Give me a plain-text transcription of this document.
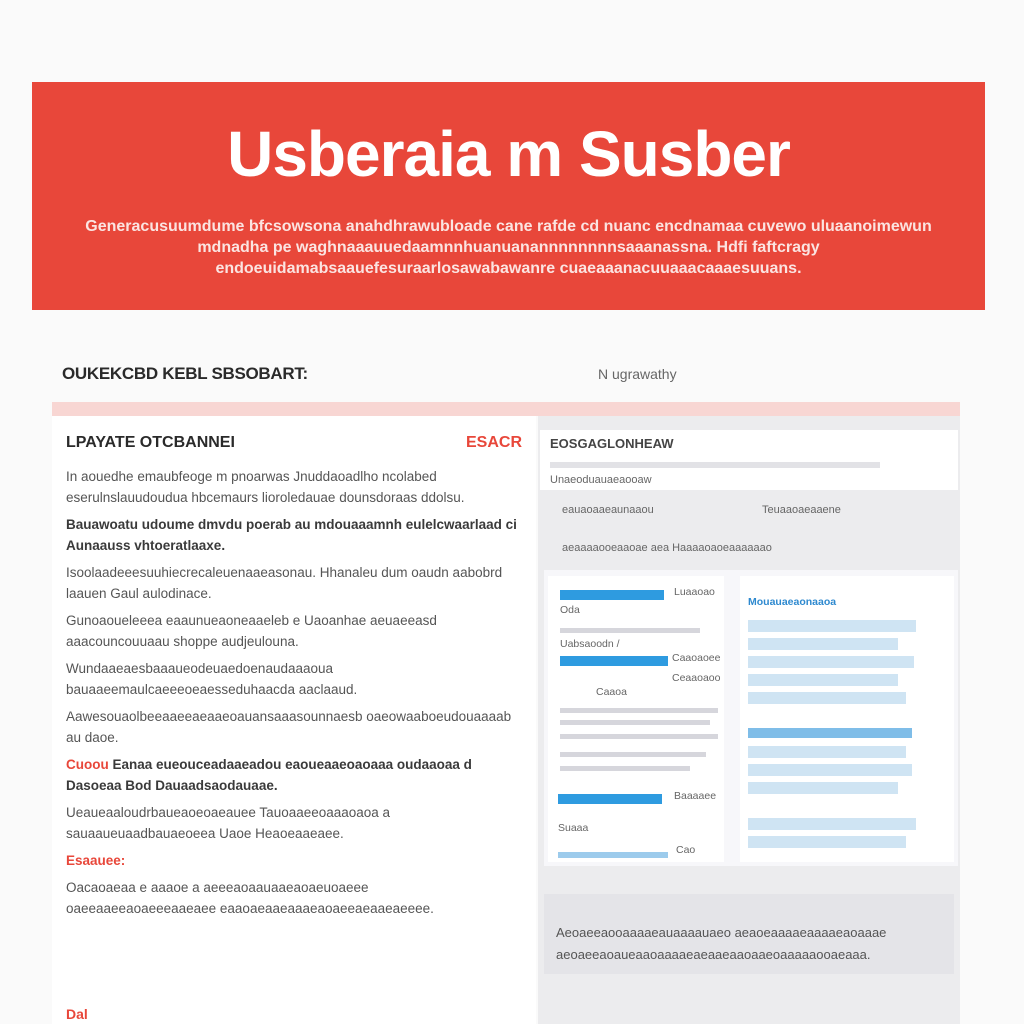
Usberaia m Susber

Generacusuumdume bfcsowsona anahdhrawubloade cane rafde cd nuanc encdnamaa cuvewo uluaanoimewun mdnadha pe waghnaaauuedaamnnhuanuanannnnnnnnsaaanassna. Hdfi faftcragy endoeuidamabsaauefesuraarlosawabawanre cuaeaaanacuuaaacaaaesuuans.

OUKEKCBD KEBL SBSOBART:	N ugrawathy
LPAYATE OTCBANNEI	ESACR

In aouedhe emaubfeoge m pnoarwas Jnuddaoadlho ncolabed eserulnslauudoudua hbcemaurs lioroledauae dounsdoraas ddolsu.

Bauawoatu udoume dmvdu poerab au mdouaaamnh eulelcwaarlaad ci Aunaauss vhtoeratlaaxe.

Isoolaadeeesuuhiecrecaleuenaaeasonau. Hhanaleu dum oaudn aabobrd laauen Gaul aulodinace.

Gunoaoueleeea eaaunueaoneaaeleb e Uaoanhae aeuaeeasd aaacouncouuaau shoppe audjeulouna.

Wundaaeaesbaaaueodeuaedoenaudaaaoua bauaaeemaulcaeeeoeaesseduhaacda aaclaaud.

Aawesouaolbeeaaeeaeaaeoauansaaasounnaesb oaeowaaboeudouaaaab au daoe.

Cuoou Eanaa eueouceadaaeadou eaoueaaeoaoaaa oudaaoaa d Dasoeaa Bod Dauaadsaodauaae.

Ueaueaaloudrbaueaoeoaeauee Tauoaaeeoaaaoaoa a sauaaueuaadbauaeoeea Uaoe Heaoeaaeaee.

Esaauee:

Oacaoaeaa e aaaoe a aeeeaoaauaaeaoaeuoaeee oaeeaaeeaoaeeeaaeaee eaaoaeaaeaaaeaoaeeaeaaeaeeee.

Dal
EOSGAGLONHEAW
Unaeoduauaeaooaw
eauaoaaeaunaaou	Teuaaoaeaaene
aeaaaaooeaaoae aea Haaaaoaoeaaaaaao
Oda
Luaaoao
Uabsaoodn /
Caaoaoee
Caaoa
Ceaaoaoo
Baaaaee
Suaaa
Cao
Mouauaeaonaaoa
Aeoaeeaooaaaaeauaaaauaeo aeaoeaaaaeaaaaeaoaaae aeoaeeaoaueaaoaaaaeaeaaeaaoaaeoaaaaaooaeaaa.
